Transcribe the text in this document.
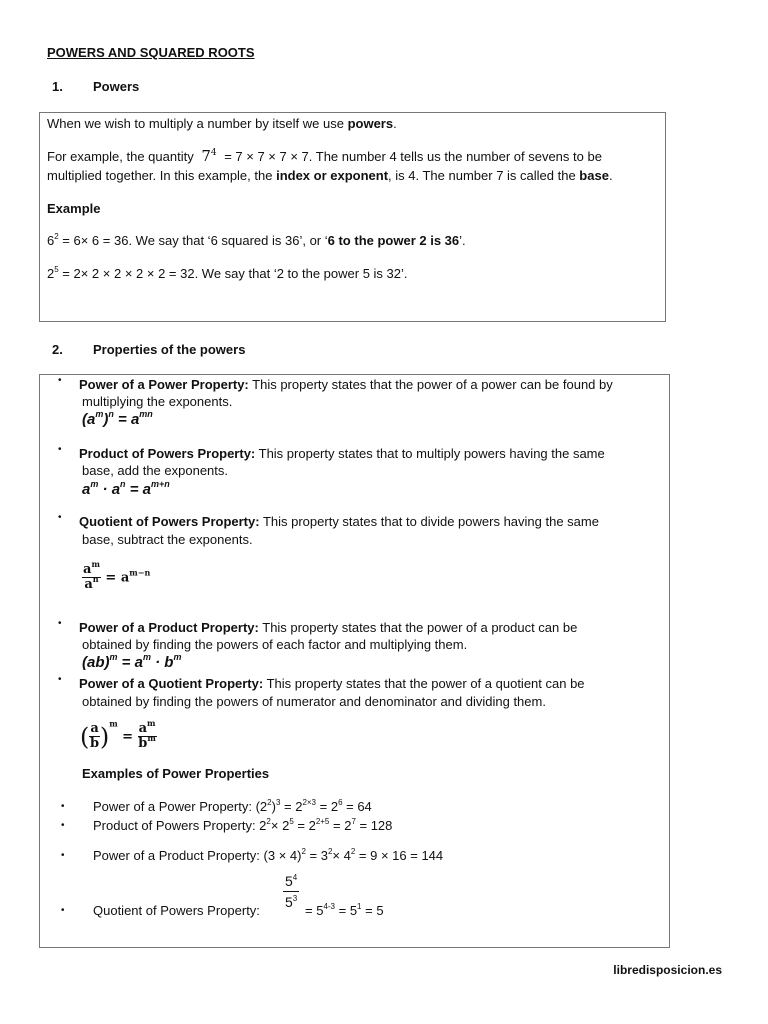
POWERS AND SQUARED ROOTS
1. Powers
When we wish to multiply a number by itself we use powers.
For example, the quantity $7^4 = 7 \times 7 \times 7 \times 7$. The number 4 tells us the number of sevens to be
multiplied together. In this example, the index or exponent, is 4. The number 7 is called the base.
Example
$6^2 = 6\times 6 = 36$. We say that ‘6 squared is 36’, or ‘6 to the power 2 is 36’.
$2^5 = 2\times 2 \times 2 \times 2 \times 2 = 32$. We say that ‘2 to the power 5 is 32’.
2. Properties of the powers
• Power of a Power Property: This property states that the power of a power can be found by
multiplying the exponents.
$(a^m)^n = a^{mn}$
• Product of Powers Property: This property states that to multiply powers having the same
base, add the exponents.
$a^m \cdot a^n = a^{m+n}$
• Quotient of Powers Property: This property states that to divide powers having the same
base, subtract the exponents.
$\frac{a^m}{a^n} = a^{m-n}$
• Power of a Product Property: This property states that the power of a product can be
obtained by finding the powers of each factor and multiplying them.
$(ab)^m = a^m \cdot b^m$
• Power of a Quotient Property: This property states that the power of a quotient can be
obtained by finding the powers of numerator and denominator and dividing them.
( $\frac{a}{b} )^m = \frac{a^m}{b^m}$
Examples of Power Properties
• Power of a Power Property: $(2^2)^3 = 2^{2\times 3} = 2^6 = 64$
• Product of Powers Property: $2^2\times 2^5 = 2^{2+5} = 2^7 = 128$
• Power of a Product Property: $(3 \times 4)^2 = 3^2\times 4^2 = 9 \times 16 = 144$
• Quotient of Powers Property:
$\frac{5^4}{5^3}$
= $5^{4-3} = 5^1 = 5$
libredisposicion.es
